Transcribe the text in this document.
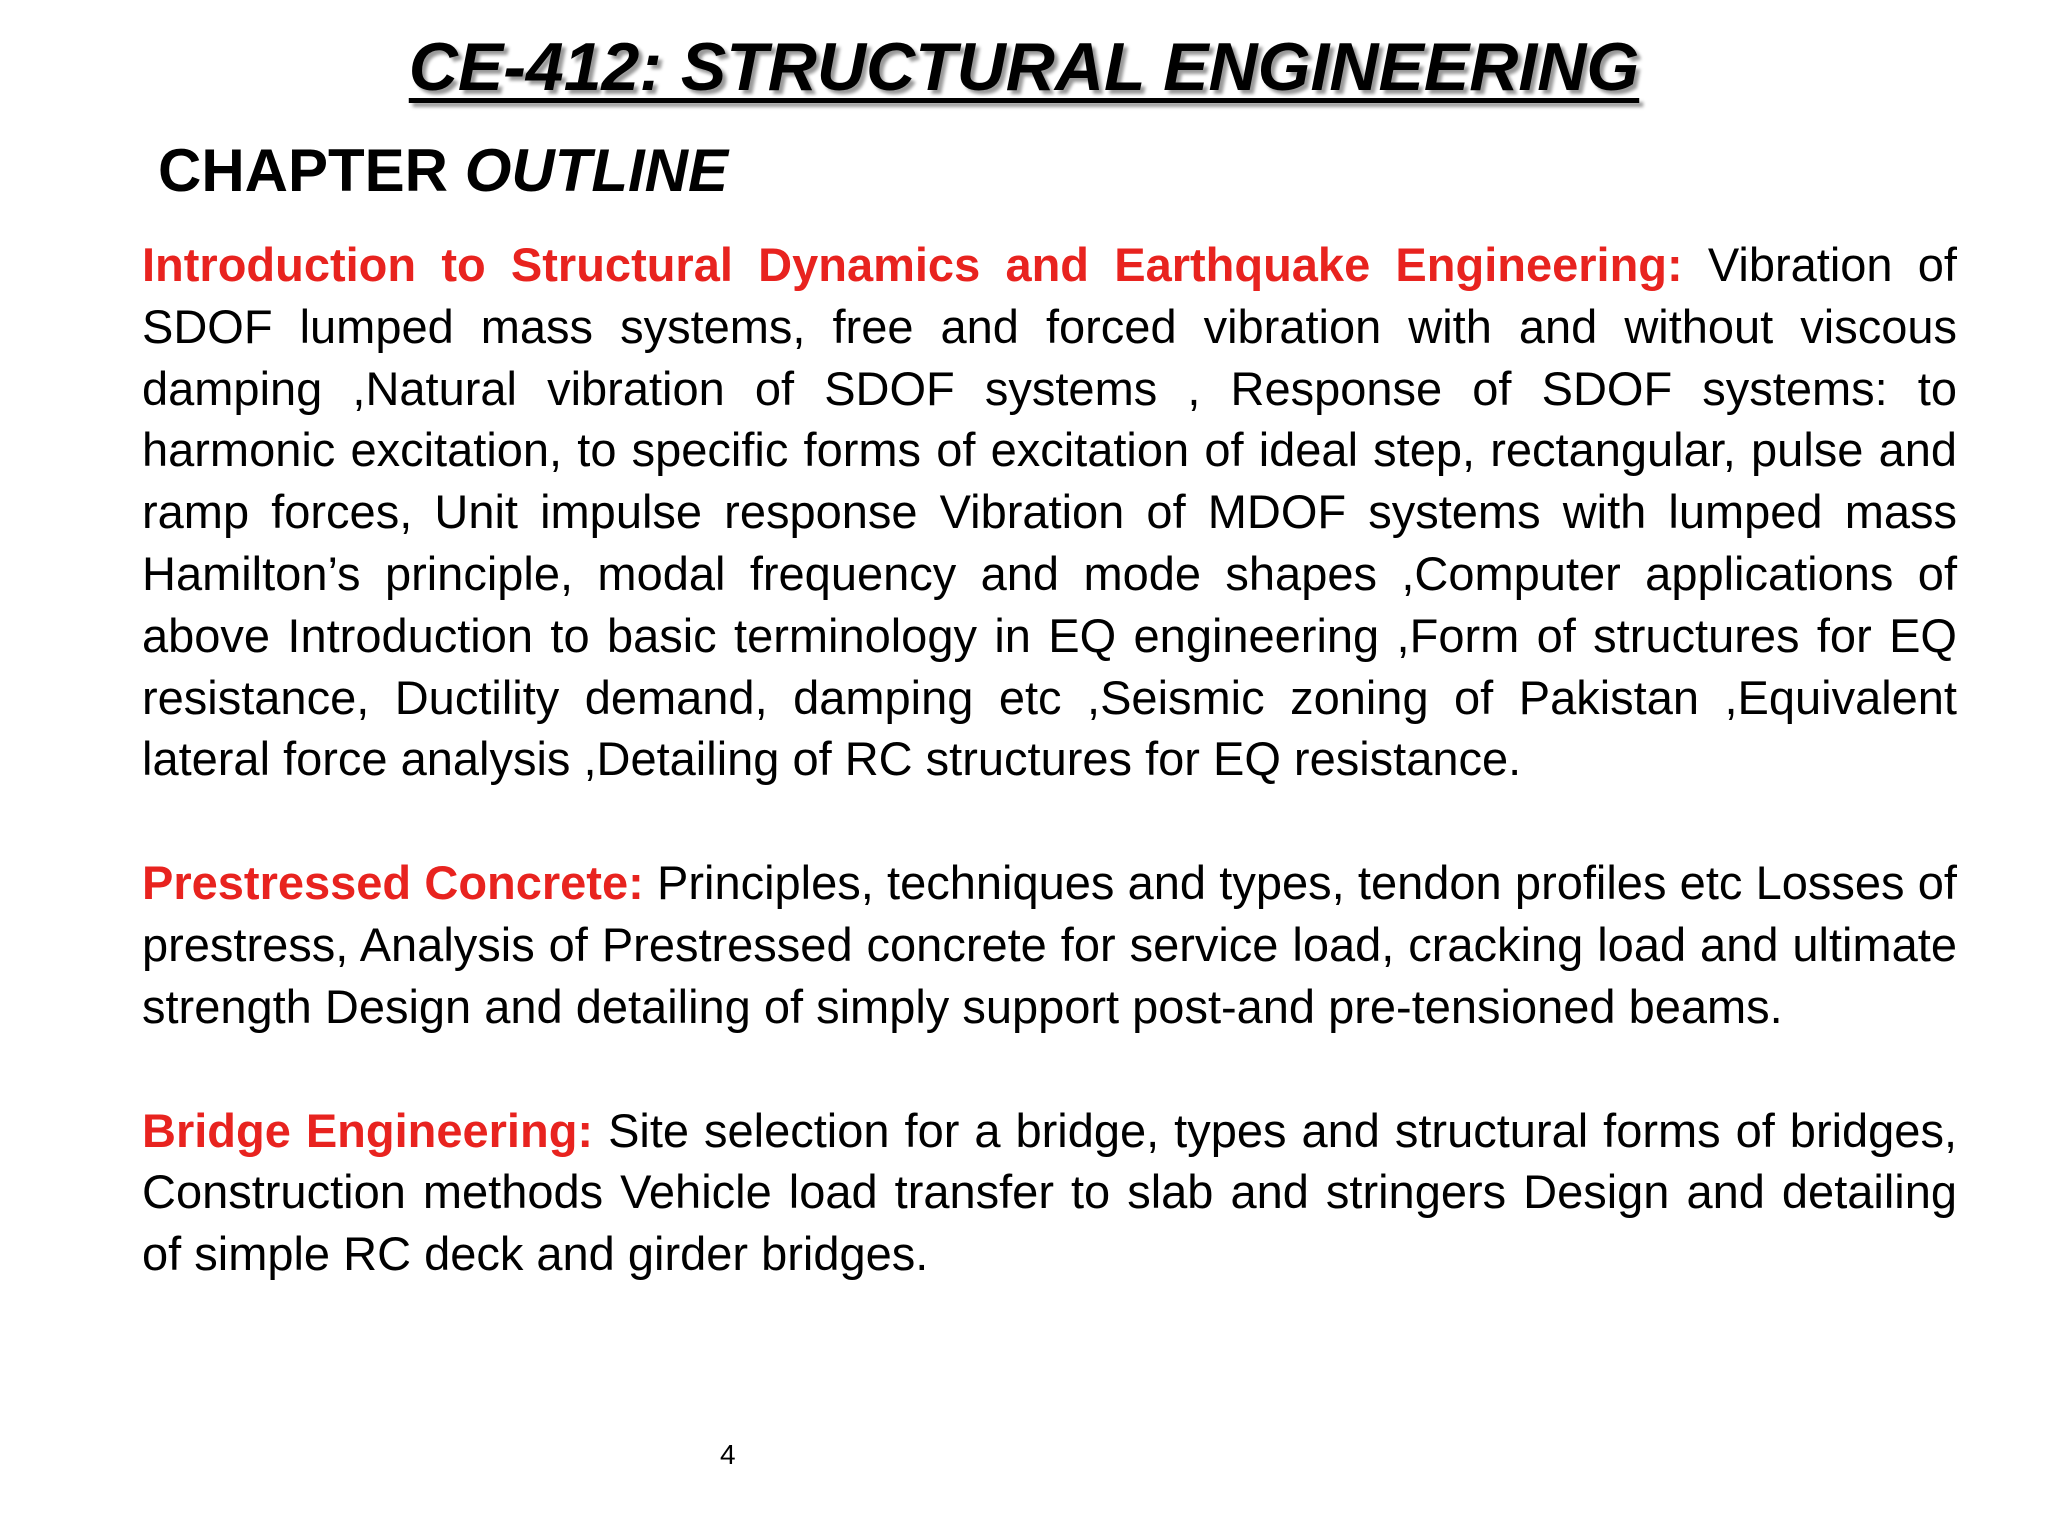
CE-412: STRUCTURAL ENGINEERING
CHAPTER OUTLINE

Introduction to Structural Dynamics and Earthquake Engineering: Vibration of SDOF lumped mass systems, free and forced vibration with and without viscous damping ,Natural vibration of SDOF systems , Response of SDOF systems: to harmonic excitation, to specific forms of excitation of ideal step, rectangular, pulse and ramp forces, Unit impulse response Vibration of MDOF systems with lumped mass Hamilton’s principle, modal frequency and mode shapes ,Computer applications of above Introduction to basic terminology in EQ engineering ,Form of structures for EQ resistance, Ductility demand, damping etc ,Seismic zoning of Pakistan ,Equivalent lateral force analysis ,Detailing of RC structures for EQ resistance.

Prestressed Concrete: Principles, techniques and types, tendon profiles etc Losses of prestress, Analysis of Prestressed concrete for service load, cracking load and ultimate strength Design and detailing of simply support post-and pre-tensioned beams.

Bridge Engineering: Site selection for a bridge, types and structural forms of bridges, Construction methods Vehicle load transfer to slab and stringers Design and detailing of simple RC deck and girder bridges.

4
